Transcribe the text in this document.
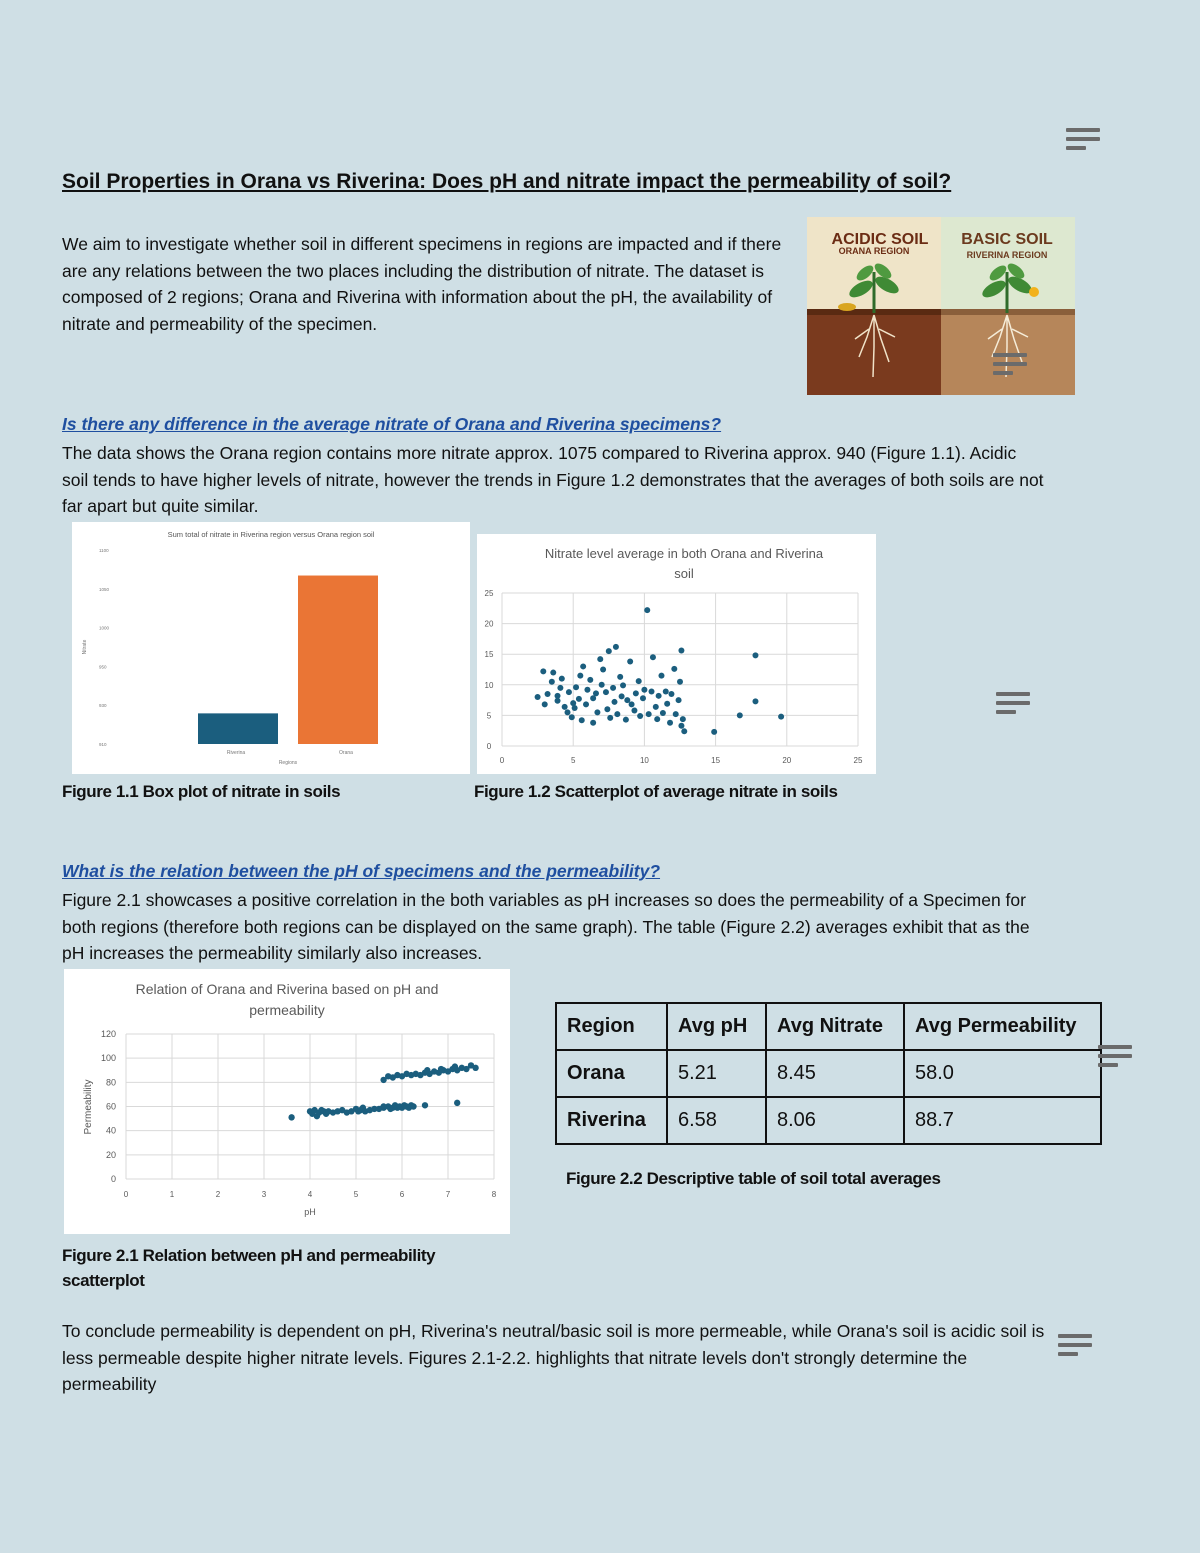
Soil Properties in Orana vs Riverina: Does pH and nitrate impact the permeability of soil?
We aim to investigate whether soil in different specimens in regions are impacted and if there are any relations between the two places including the distribution of nitrate. The dataset is composed of 2 regions; Orana and Riverina with information about the pH, the availability of nitrate and permeability of the specimen.
ACIDIC SOIL BASIC SOIL
RIVERINA REGION
ORANA REGION
Is there any difference in the average nitrate of Orana and Riverina specimens?
The data shows the Orana region contains more nitrate approx. 1075 compared to Riverina approx. 940 (Figure 1.1). Acidic soil tends to have higher levels of nitrate, however the trends in Figure 1.2 demonstrates that the averages of both soils are not far apart but quite similar.
Sum total of nitrate in Riverina region versus Orana region soil
910
930
950
1000
1050
1100
Nitrate
Riverina	Orana
Regions
Nitrate level average in both Orana and Riverina
soil
0
5
10
15
20
25
0	5	10	15	20	25
Figure 1.1 Box plot of nitrate in soils	Figure 1.2 Scatterplot of average nitrate in soils
What is the relation between the pH of specimens and the permeability?
Figure 2.1 showcases a positive correlation in the both variables as pH increases so does the permeability of a Specimen for both regions (therefore both regions can be displayed on the same graph). The table (Figure 2.2) averages exhibit that as the pH increases the permeability similarly also increases.
Relation of Orana and Riverina based on pH and
permeability
0
20
40
60
80
100
120
0	1	2	3	4	5	6	7	8
pH
Permeability
Figure 2.1 Relation between pH and permeability scatterplot
Region	Avg pH	Avg Nitrate	Avg Permeability
Orana	5.21	8.45	58.0
Riverina	6.58	8.06	88.7
Figure 2.2 Descriptive table of soil total averages
To conclude permeability is dependent on pH, Riverina's neutral/basic soil is more permeable, while Orana's soil is acidic soil is less permeable despite higher nitrate levels. Figures 2.1-2.2. highlights that nitrate levels don't strongly determine the permeability
